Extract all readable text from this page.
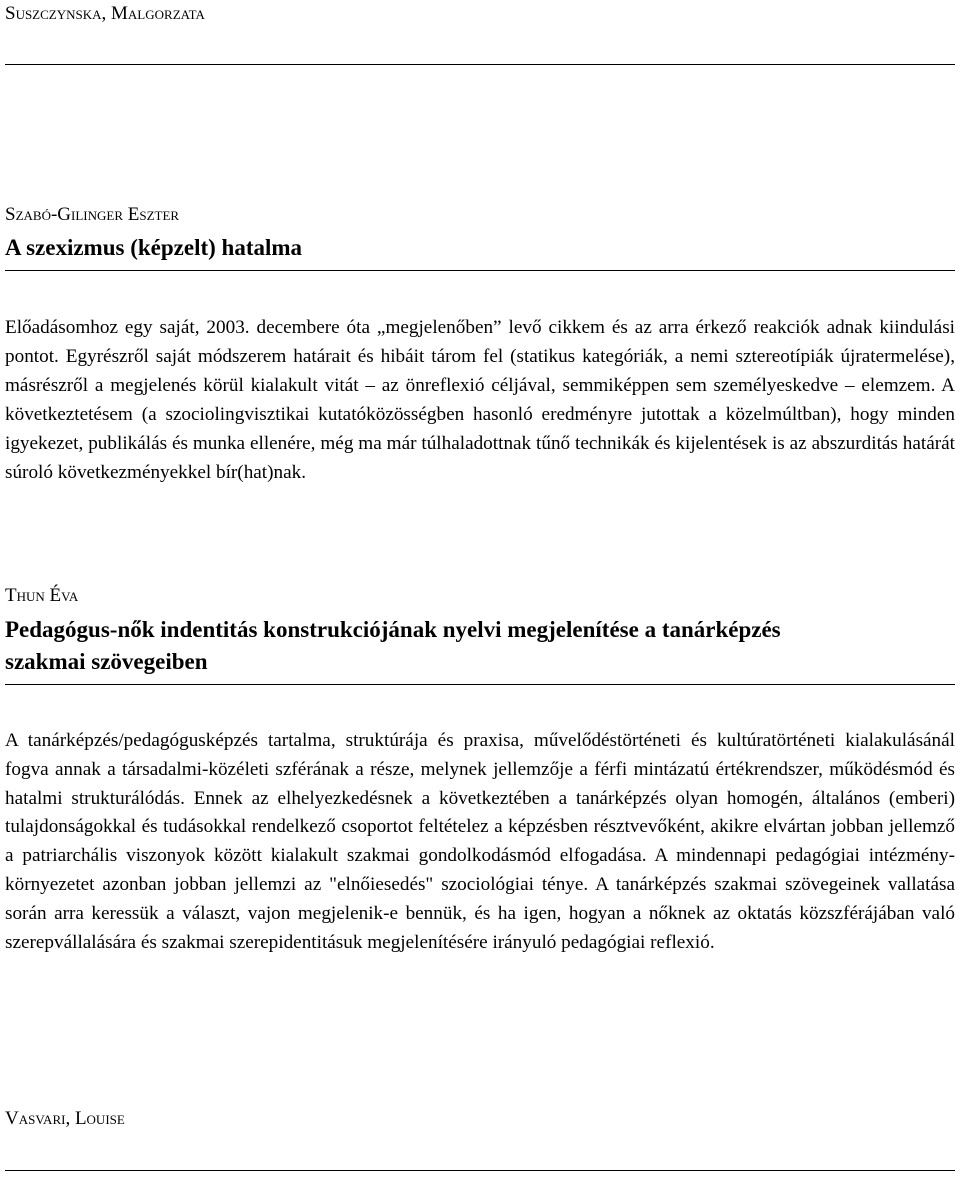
Suszczynska, Malgorzata
Szabó-Gilinger Eszter
A szexizmus (képzelt) hatalma

Előadásomhoz egy saját, 2003. decembere óta „megjelenőben” levő cikkem és az arra érkező reakciók adnak kiindulási pontot. Egyrészről saját módszerem határait és hibáit tárom fel (statikus kategóriák, a nemi sztereotípiák újratermelése), másrészről a megjelenés körül kialakult vitát – az önreflexió céljával, semmiképpen sem személyeskedve – elemzem. A következtetésem (a szociolingvisztikai kutatóközösségben hasonló eredményre jutottak a közelmúltban), hogy minden igyekezet, publikálás és munka ellenére, még ma már túlhaladottnak tűnő technikák és kijelentések is az abszurditás határát súroló következményekkel bír(hat)nak.

Thun Éva
Pedagógus-nők indentitás konstrukciójának nyelvi megjelenítése a tanárképzés szakmai szövegeiben

A tanárképzés/pedagógusképzés tartalma, struktúrája és praxisa, művelődéstörténeti és kultúratörténeti kialakulásánál fogva annak a társadalmi-közéleti szférának a része, melynek jellemzője a férfi mintázatú értékrendszer, működésmód és hatalmi strukturálódás. Ennek az elhelyezkedésnek a következtében a tanárképzés olyan homogén, általános (emberi) tulajdonságokkal és tudásokkal rendelkező csoportot feltételez a képzésben résztvevőként, akikre elvártan jobban jellemző a patriarchális viszonyok között kialakult szakmai gondolkodásmód elfogadása. A mindennapi pedagógiai intézmény-környezetet azonban jobban jellemzi az "elnőiesedés" szociológiai ténye. A tanárképzés szakmai szövegeinek vallatása során arra keressük a választ, vajon megjelenik-e bennük, és ha igen, hogyan a nőknek az oktatás közszférájában való szerepvállalására és szakmai szerepidentitásuk megjelenítésére irányuló pedagógiai reflexió.

Vasvari, Louise
